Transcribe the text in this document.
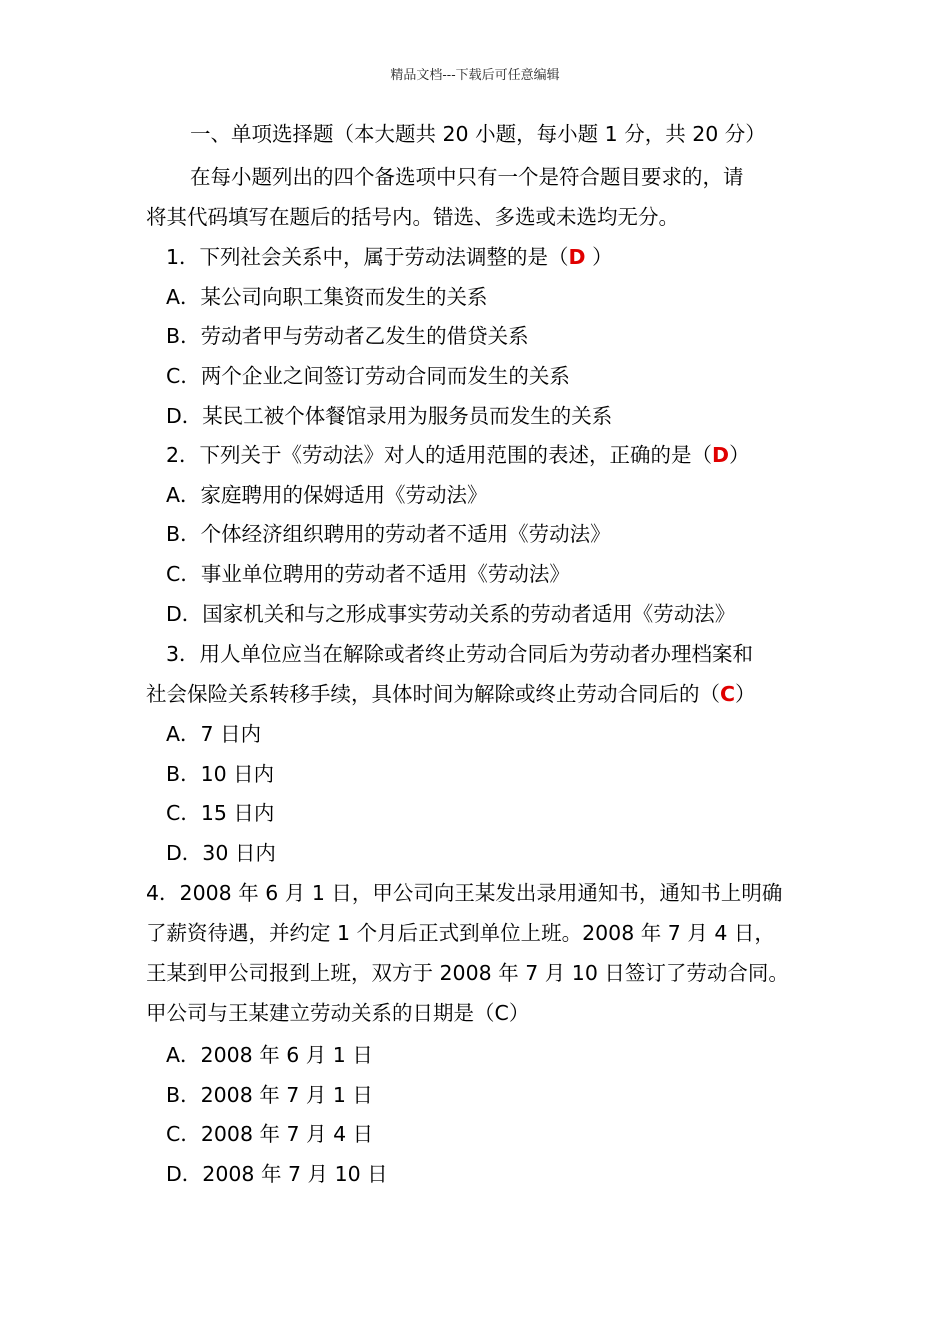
精品文档---下载后可任意编辑
一、单项选择题（本大题共 20 小题，每小题 1 分，共 20 分）
在每小题列出的四个备选项中只有一个是符合题目要求的，请
将其代码填写在题后的括号内。错选、多选或未选均无分。
1．下列社会关系中，属于劳动法调整的是（D ）
A．某公司向职工集资而发生的关系
B．劳动者甲与劳动者乙发生的借贷关系
C．两个企业之间签订劳动合同而发生的关系
D．某民工被个体餐馆录用为服务员而发生的关系
2．下列关于《劳动法》对人的适用范围的表述，正确的是（D）
A．家庭聘用的保姆适用《劳动法》
B．个体经济组织聘用的劳动者不适用《劳动法》
C．事业单位聘用的劳动者不适用《劳动法》
D．国家机关和与之形成事实劳动关系的劳动者适用《劳动法》
3．用人单位应当在解除或者终止劳动合同后为劳动者办理档案和
社会保险关系转移手续，具体时间为解除或终止劳动合同后的（C）
A．7 日内
B．10 日内
C．15 日内
D．30 日内
4．2008 年 6 月 1 日，甲公司向王某发出录用通知书，通知书上明确
了薪资待遇，并约定 1 个月后正式到单位上班。2008 年 7 月 4 日，
王某到甲公司报到上班，双方于 2008 年 7 月 10 日签订了劳动合同。
甲公司与王某建立劳动关系的日期是（C）
A．2008 年 6 月 1 日
B．2008 年 7 月 1 日
C．2008 年 7 月 4 日
D．2008 年 7 月 10 日
